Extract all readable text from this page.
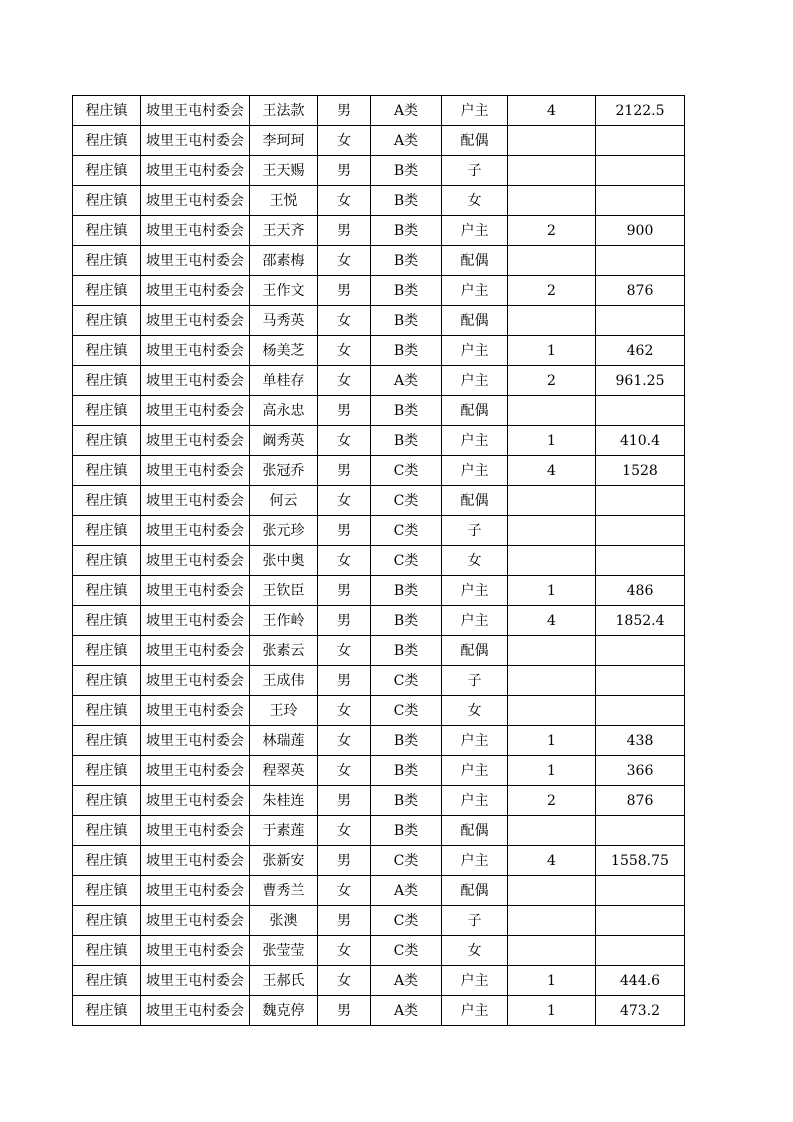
程庄镇	坡里王屯村委会	王法款	男	A类	户主	4	2122.5
程庄镇	坡里王屯村委会	李珂珂	女	A类	配偶		
程庄镇	坡里王屯村委会	王天赐	男	B类	子		
程庄镇	坡里王屯村委会	王悦	女	B类	女		
程庄镇	坡里王屯村委会	王天齐	男	B类	户主	2	900
程庄镇	坡里王屯村委会	邵素梅	女	B类	配偶		
程庄镇	坡里王屯村委会	王作文	男	B类	户主	2	876
程庄镇	坡里王屯村委会	马秀英	女	B类	配偶		
程庄镇	坡里王屯村委会	杨美芝	女	B类	户主	1	462
程庄镇	坡里王屯村委会	单桂存	女	A类	户主	2	961.25
程庄镇	坡里王屯村委会	高永忠	男	B类	配偶		
程庄镇	坡里王屯村委会	阚秀英	女	B类	户主	1	410.4
程庄镇	坡里王屯村委会	张冠乔	男	C类	户主	4	1528
程庄镇	坡里王屯村委会	何云	女	C类	配偶		
程庄镇	坡里王屯村委会	张元珍	男	C类	子		
程庄镇	坡里王屯村委会	张中奥	女	C类	女		
程庄镇	坡里王屯村委会	王钦臣	男	B类	户主	1	486
程庄镇	坡里王屯村委会	王作岭	男	B类	户主	4	1852.4
程庄镇	坡里王屯村委会	张素云	女	B类	配偶		
程庄镇	坡里王屯村委会	王成伟	男	C类	子		
程庄镇	坡里王屯村委会	王玲	女	C类	女		
程庄镇	坡里王屯村委会	林瑞莲	女	B类	户主	1	438
程庄镇	坡里王屯村委会	程翠英	女	B类	户主	1	366
程庄镇	坡里王屯村委会	朱桂连	男	B类	户主	2	876
程庄镇	坡里王屯村委会	于素莲	女	B类	配偶		
程庄镇	坡里王屯村委会	张新安	男	C类	户主	4	1558.75
程庄镇	坡里王屯村委会	曹秀兰	女	A类	配偶		
程庄镇	坡里王屯村委会	张澳	男	C类	子		
程庄镇	坡里王屯村委会	张莹莹	女	C类	女		
程庄镇	坡里王屯村委会	王郝氏	女	A类	户主	1	444.6
程庄镇	坡里王屯村委会	魏克停	男	A类	户主	1	473.2
